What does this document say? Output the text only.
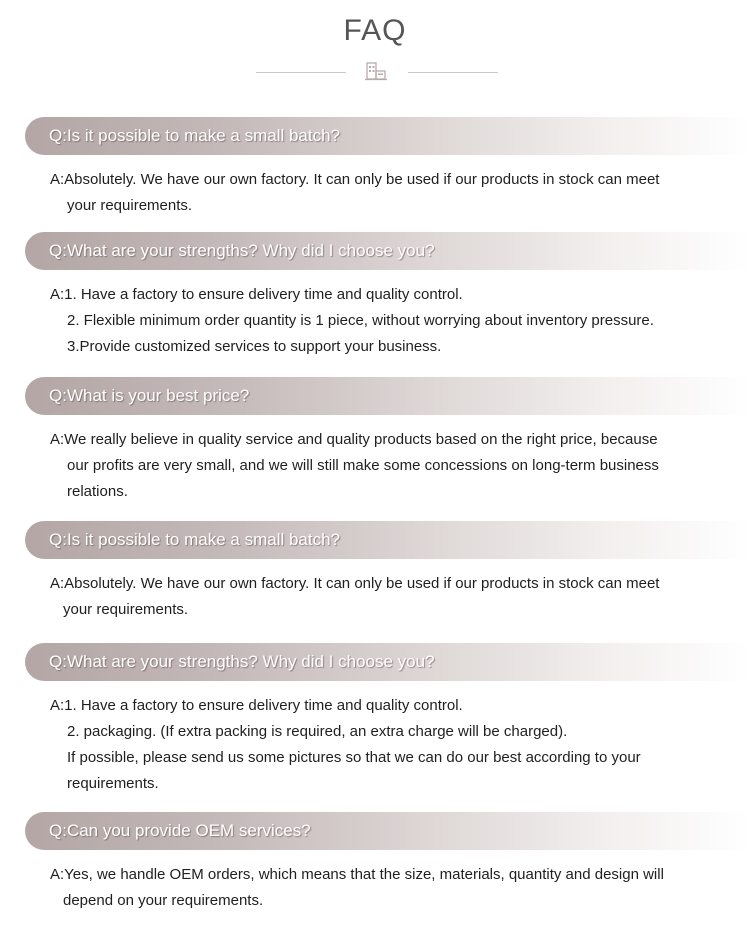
FAQ
Q:Is it possible to make a small batch?
A:Absolutely. We have our own factory. It can only be used if our products in stock can meet
your requirements.
Q:What are your strengths? Why did I choose you?
A:1. Have a factory to ensure delivery time and quality control.
2. Flexible minimum order quantity is 1 piece, without worrying about inventory pressure.
3.Provide customized services to support your business.
Q:What is your best price?
A:We really believe in quality service and quality products based on the right price, because
our profits are very small, and we will still make some concessions on long-term business
relations.
Q:Is it possible to make a small batch?
A:Absolutely. We have our own factory. It can only be used if our products in stock can meet
your requirements.
Q:What are your strengths? Why did I choose you?
A:1. Have a factory to ensure delivery time and quality control.
2. packaging. (If extra packing is required, an extra charge will be charged).
If possible, please send us some pictures so that we can do our best according to your
requirements.
Q:Can you provide OEM services?
A:Yes, we handle OEM orders, which means that the size, materials, quantity and design will
depend on your requirements.
